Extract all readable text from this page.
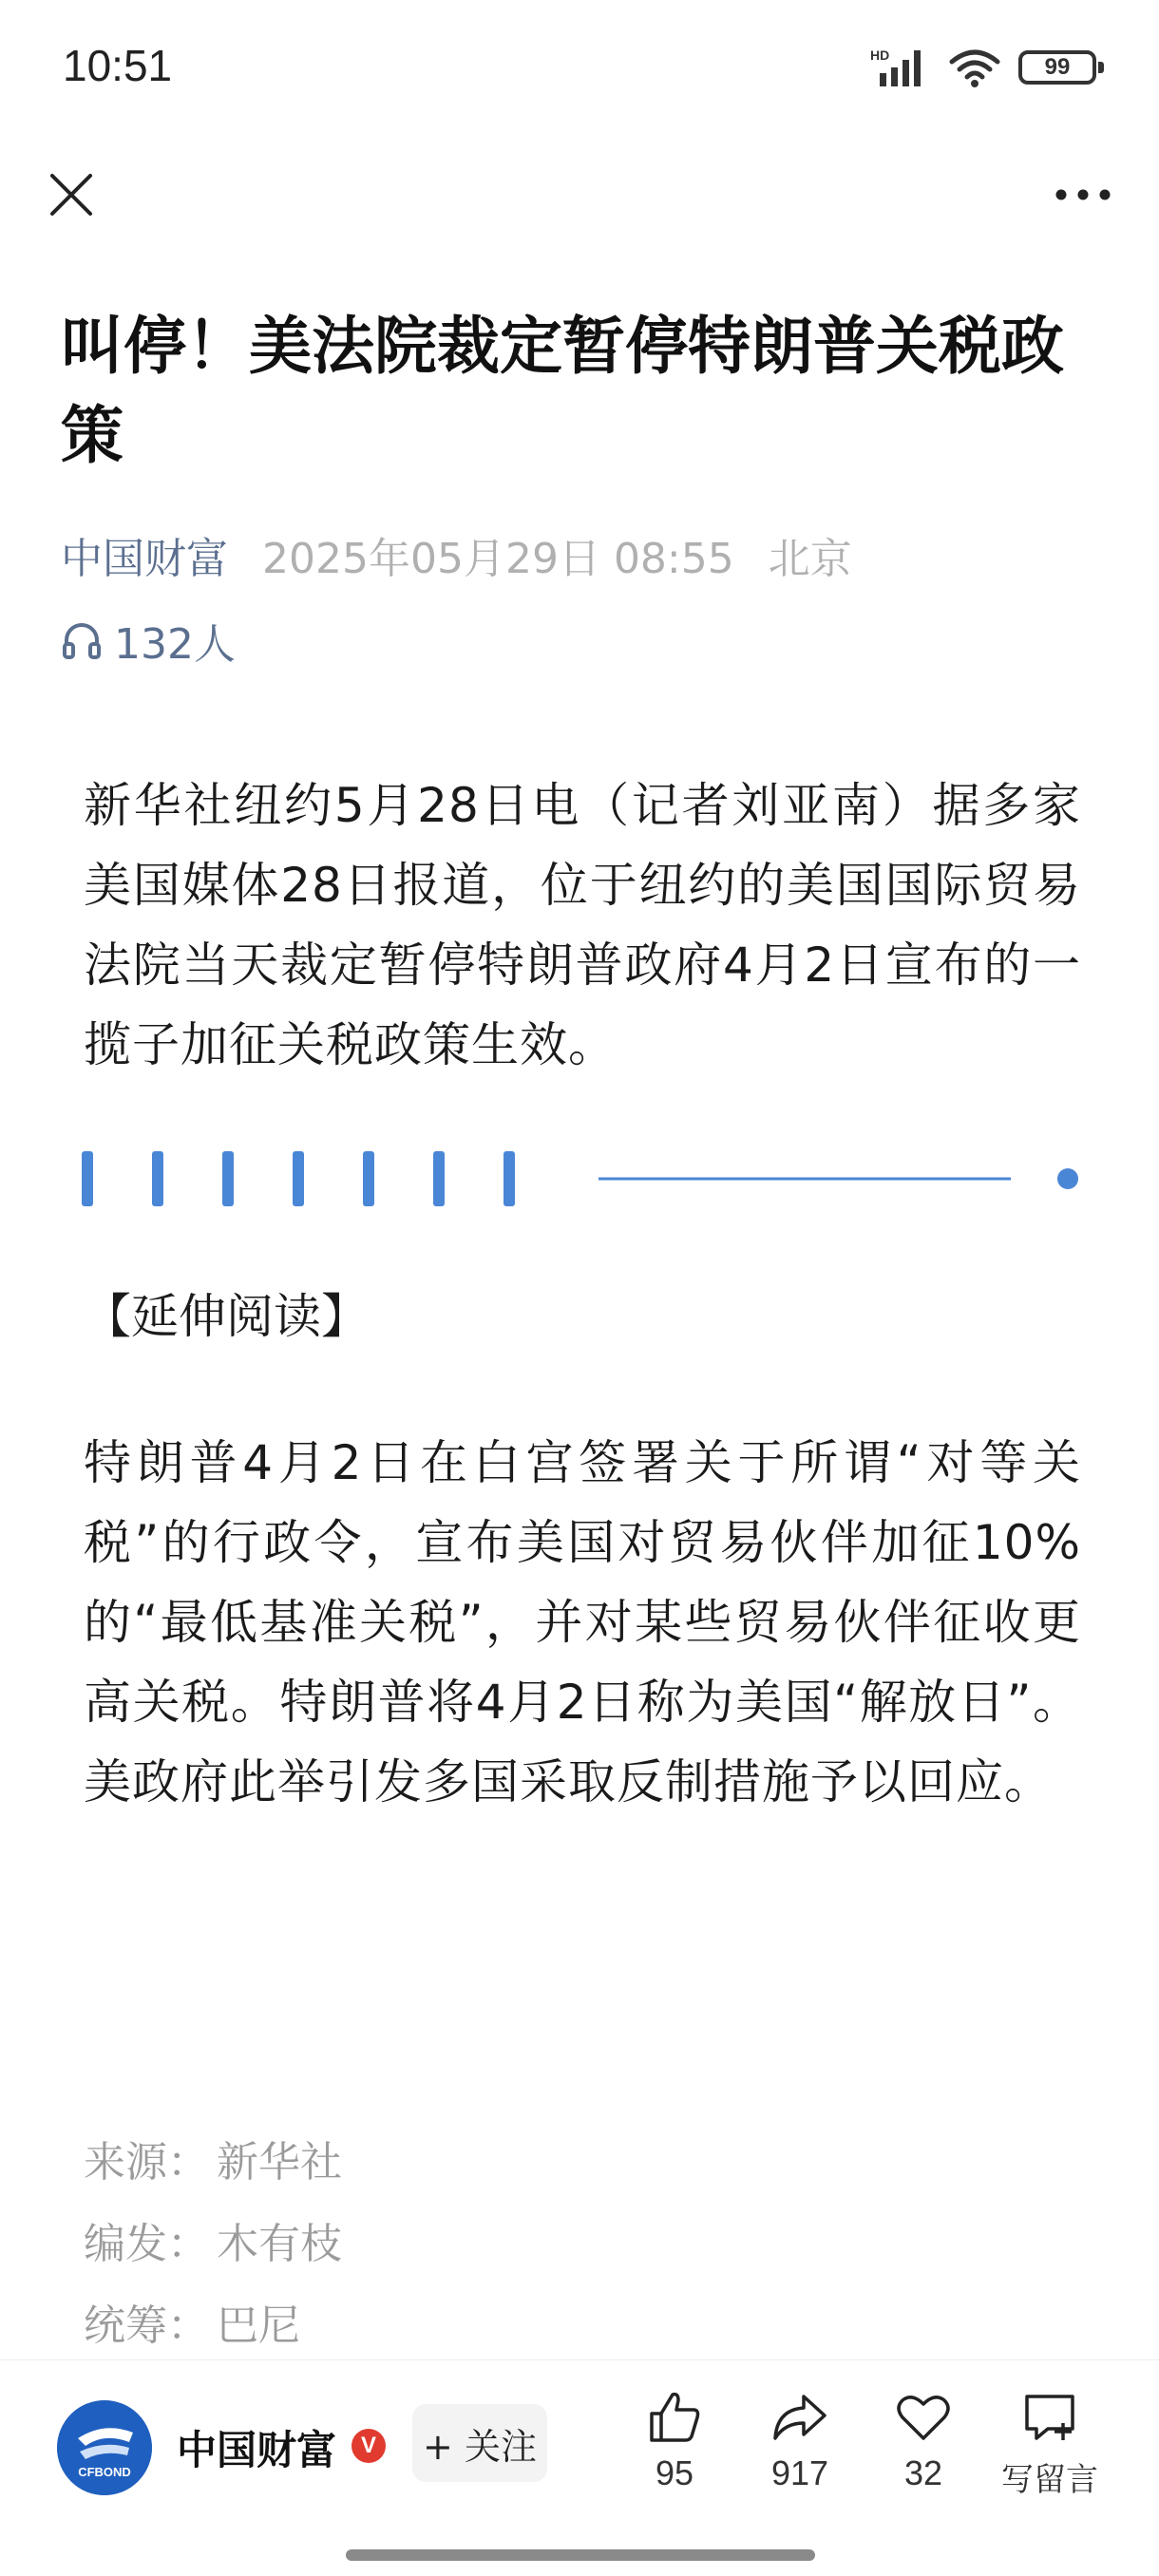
10:51	HD	99
叫停！美法院裁定暂停特朗普关税政策
中国财富 2025年05月29日 08:55 北京
132人

新华社纽约5月28日电（记者刘亚南）据多家美国媒体28日报道，位于纽约的美国国际贸易法院当天裁定暂停特朗普政府4月2日宣布的一揽子加征关税政策生效。

【延伸阅读】

特朗普4月2日在白宫签署关于所谓“对等关税”的行政令，宣布美国对贸易伙伴加征10%的“最低基准关税”，并对某些贸易伙伴征收更高关税。特朗普将4月2日称为美国“解放日”。美政府此举引发多国采取反制措施予以回应。

来源： 新华社
编发： 木有枝
统筹： 巴尼
CFBOND 中国财富	V + 关注
95 917 32 写留言
